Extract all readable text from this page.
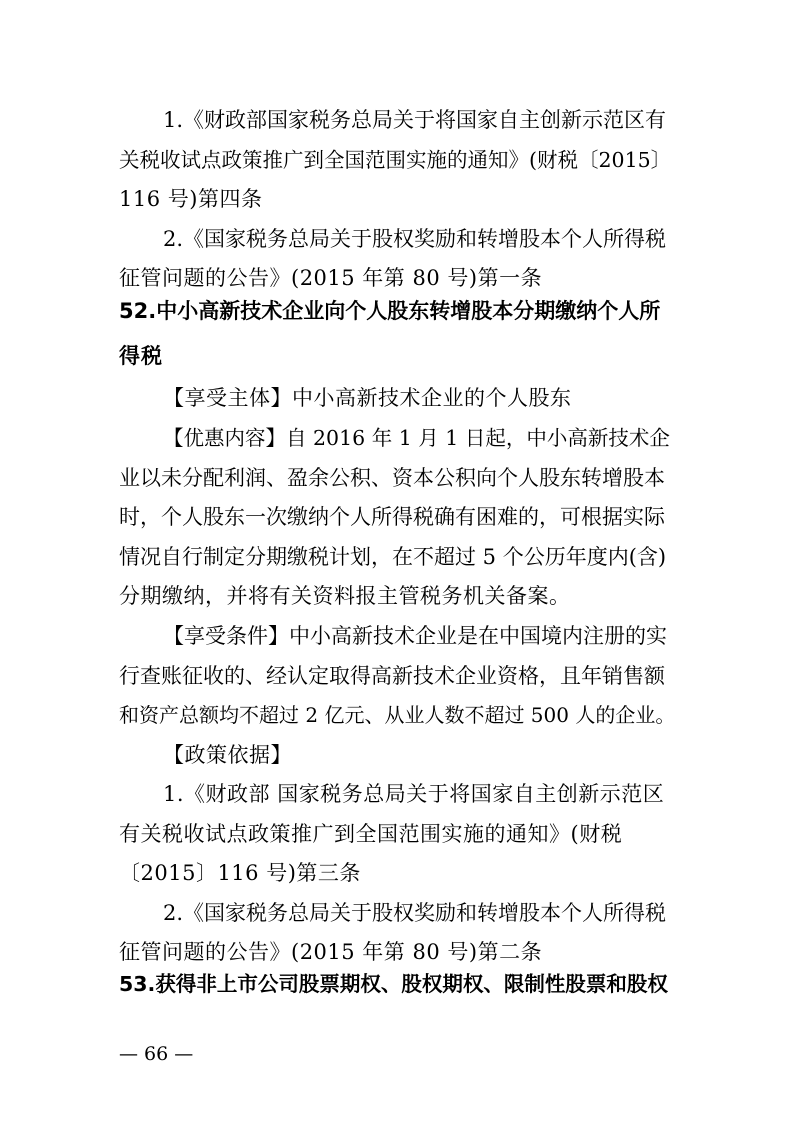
1.《财政部国家税务总局关于将国家自主创新示范区有
关税收试点政策推广到全国范围实施的通知》(财税〔2015〕
116 号)第四条
2.《国家税务总局关于股权奖励和转增股本个人所得税
征管问题的公告》(2015 年第 80 号)第一条
52.中小高新技术企业向个人股东转增股本分期缴纳个人所
得税
【享受主体】中小高新技术企业的个人股东
【优惠内容】自 2016 年 1 月 1 日起，中小高新技术企
业以未分配利润、盈余公积、资本公积向个人股东转增股本
时，个人股东一次缴纳个人所得税确有困难的，可根据实际
情况自行制定分期缴税计划，在不超过 5 个公历年度内(含)
分期缴纳，并将有关资料报主管税务机关备案。
【享受条件】中小高新技术企业是在中国境内注册的实
行查账征收的、经认定取得高新技术企业资格，且年销售额
和资产总额均不超过 2 亿元、从业人数不超过 500 人的企业。
【政策依据】
1.《财政部 国家税务总局关于将国家自主创新示范区
有关税收试点政策推广到全国范围实施的通知》(财税
〔2015〕116 号)第三条
2.《国家税务总局关于股权奖励和转增股本个人所得税
征管问题的公告》(2015 年第 80 号)第二条
53.获得非上市公司股票期权、股权期权、限制性股票和股权
— 66 —
